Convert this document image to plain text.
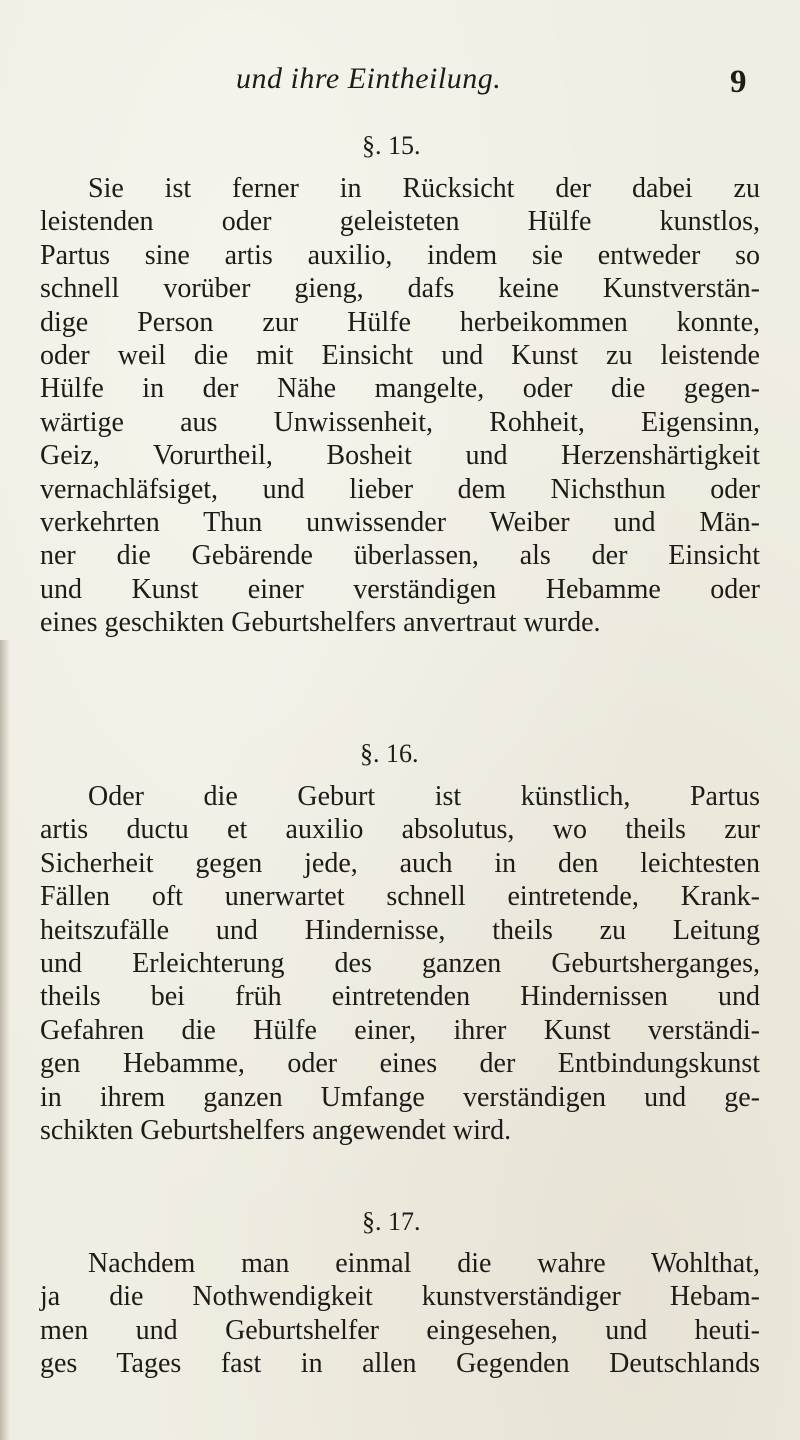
und ihre Eintheilung.	9
§. 15.
Sie ist ferner in Rücksicht der dabei zu
leistenden oder geleisteten Hülfe kunstlos,
Partus sine artis auxilio, indem sie entweder so
schnell vorüber gieng, dafs keine Kunstverstän-
dige Person zur Hülfe herbeikommen konnte,
oder weil die mit Einsicht und Kunst zu leistende
Hülfe in der Nähe mangelte, oder die gegen-
wärtige aus Unwissenheit, Rohheit, Eigensinn,
Geiz, Vorurtheil, Bosheit und Herzenshärtigkeit
vernachläfsiget, und lieber dem Nichsthun oder
verkehrten Thun unwissender Weiber und Män-
ner die Gebärende überlassen, als der Einsicht
und Kunst einer verständigen Hebamme oder
eines geschikten Geburtshelfers anvertraut wurde.
§. 16.
Oder die Geburt ist künstlich, Partus
artis ductu et auxilio absolutus, wo theils zur
Sicherheit gegen jede, auch in den leichtesten
Fällen oft unerwartet schnell eintretende, Krank-
heitszufälle und Hindernisse, theils zu Leitung
und Erleichterung des ganzen Geburtsherganges,
theils bei früh eintretenden Hindernissen und
Gefahren die Hülfe einer, ihrer Kunst verständi-
gen Hebamme, oder eines der Entbindungskunst
in ihrem ganzen Umfange verständigen und ge-
schikten Geburtshelfers angewendet wird.
§. 17.
Nachdem man einmal die wahre Wohlthat,
ja die Nothwendigkeit kunstverständiger Hebam-
men und Geburtshelfer eingesehen, und heuti-
ges Tages fast in allen Gegenden Deutschlands
